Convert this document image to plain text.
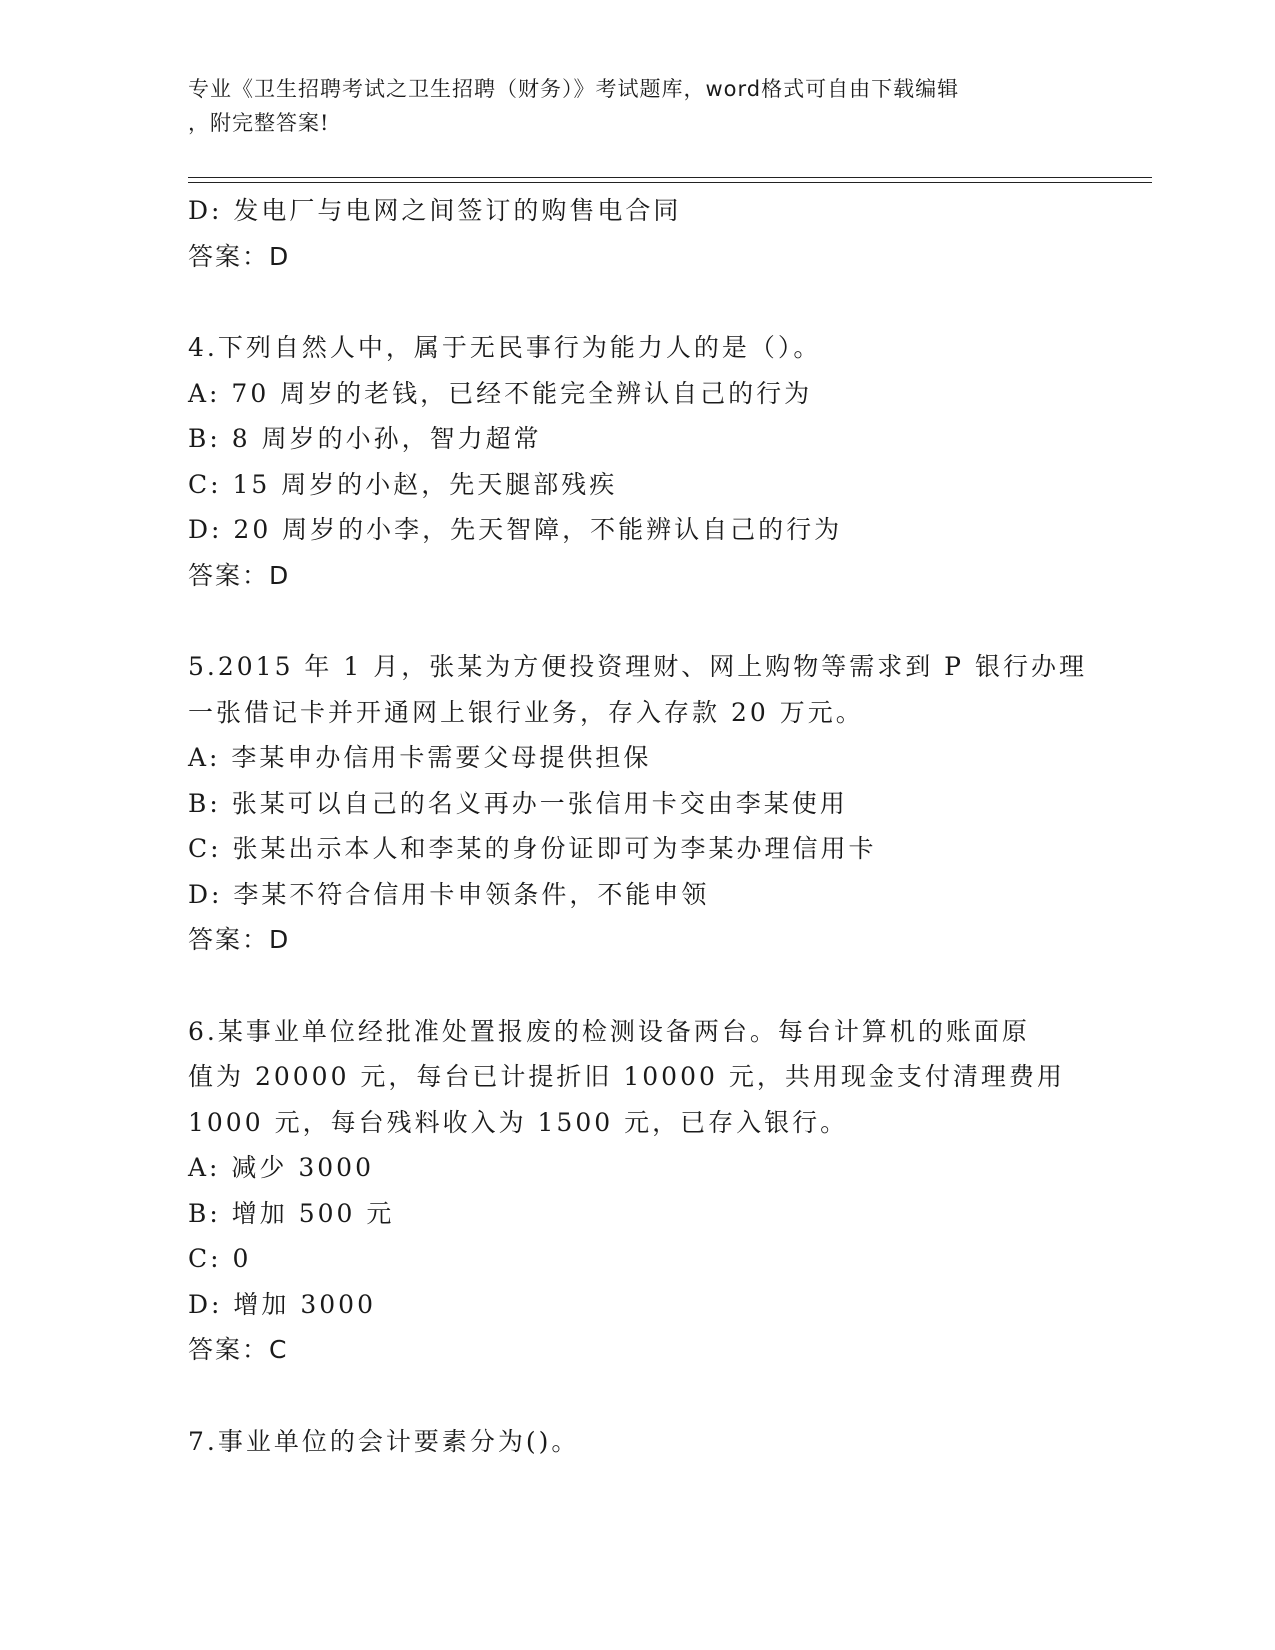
专业《卫生招聘考试之卫生招聘（财务）》考试题库，word格式可自由下载编辑
，附完整答案!
D: 发电厂与电网之间签订的购售电合同
答案：D
4.下列自然人中，属于无民事行为能力人的是（）。
A: 70 周岁的老钱，已经不能完全辨认自己的行为
B: 8 周岁的小孙，智力超常
C: 15 周岁的小赵，先天腿部残疾
D: 20 周岁的小李，先天智障，不能辨认自己的行为
答案：D
5.2015 年 1 月，张某为方便投资理财、网上购物等需求到 P 银行办理
一张借记卡并开通网上银行业务，存入存款 20 万元。
A: 李某申办信用卡需要父母提供担保
B: 张某可以自己的名义再办一张信用卡交由李某使用
C: 张某出示本人和李某的身份证即可为李某办理信用卡
D: 李某不符合信用卡申领条件，不能申领
答案：D
6.某事业单位经批准处置报废的检测设备两台。每台计算机的账面原
值为 20000 元，每台已计提折旧 10000 元，共用现金支付清理费用
1000 元，每台残料收入为 1500 元，已存入银行。
A: 减少 3000
B: 增加 500 元
C: 0
D: 增加 3000
答案：C
7.事业单位的会计要素分为()。
